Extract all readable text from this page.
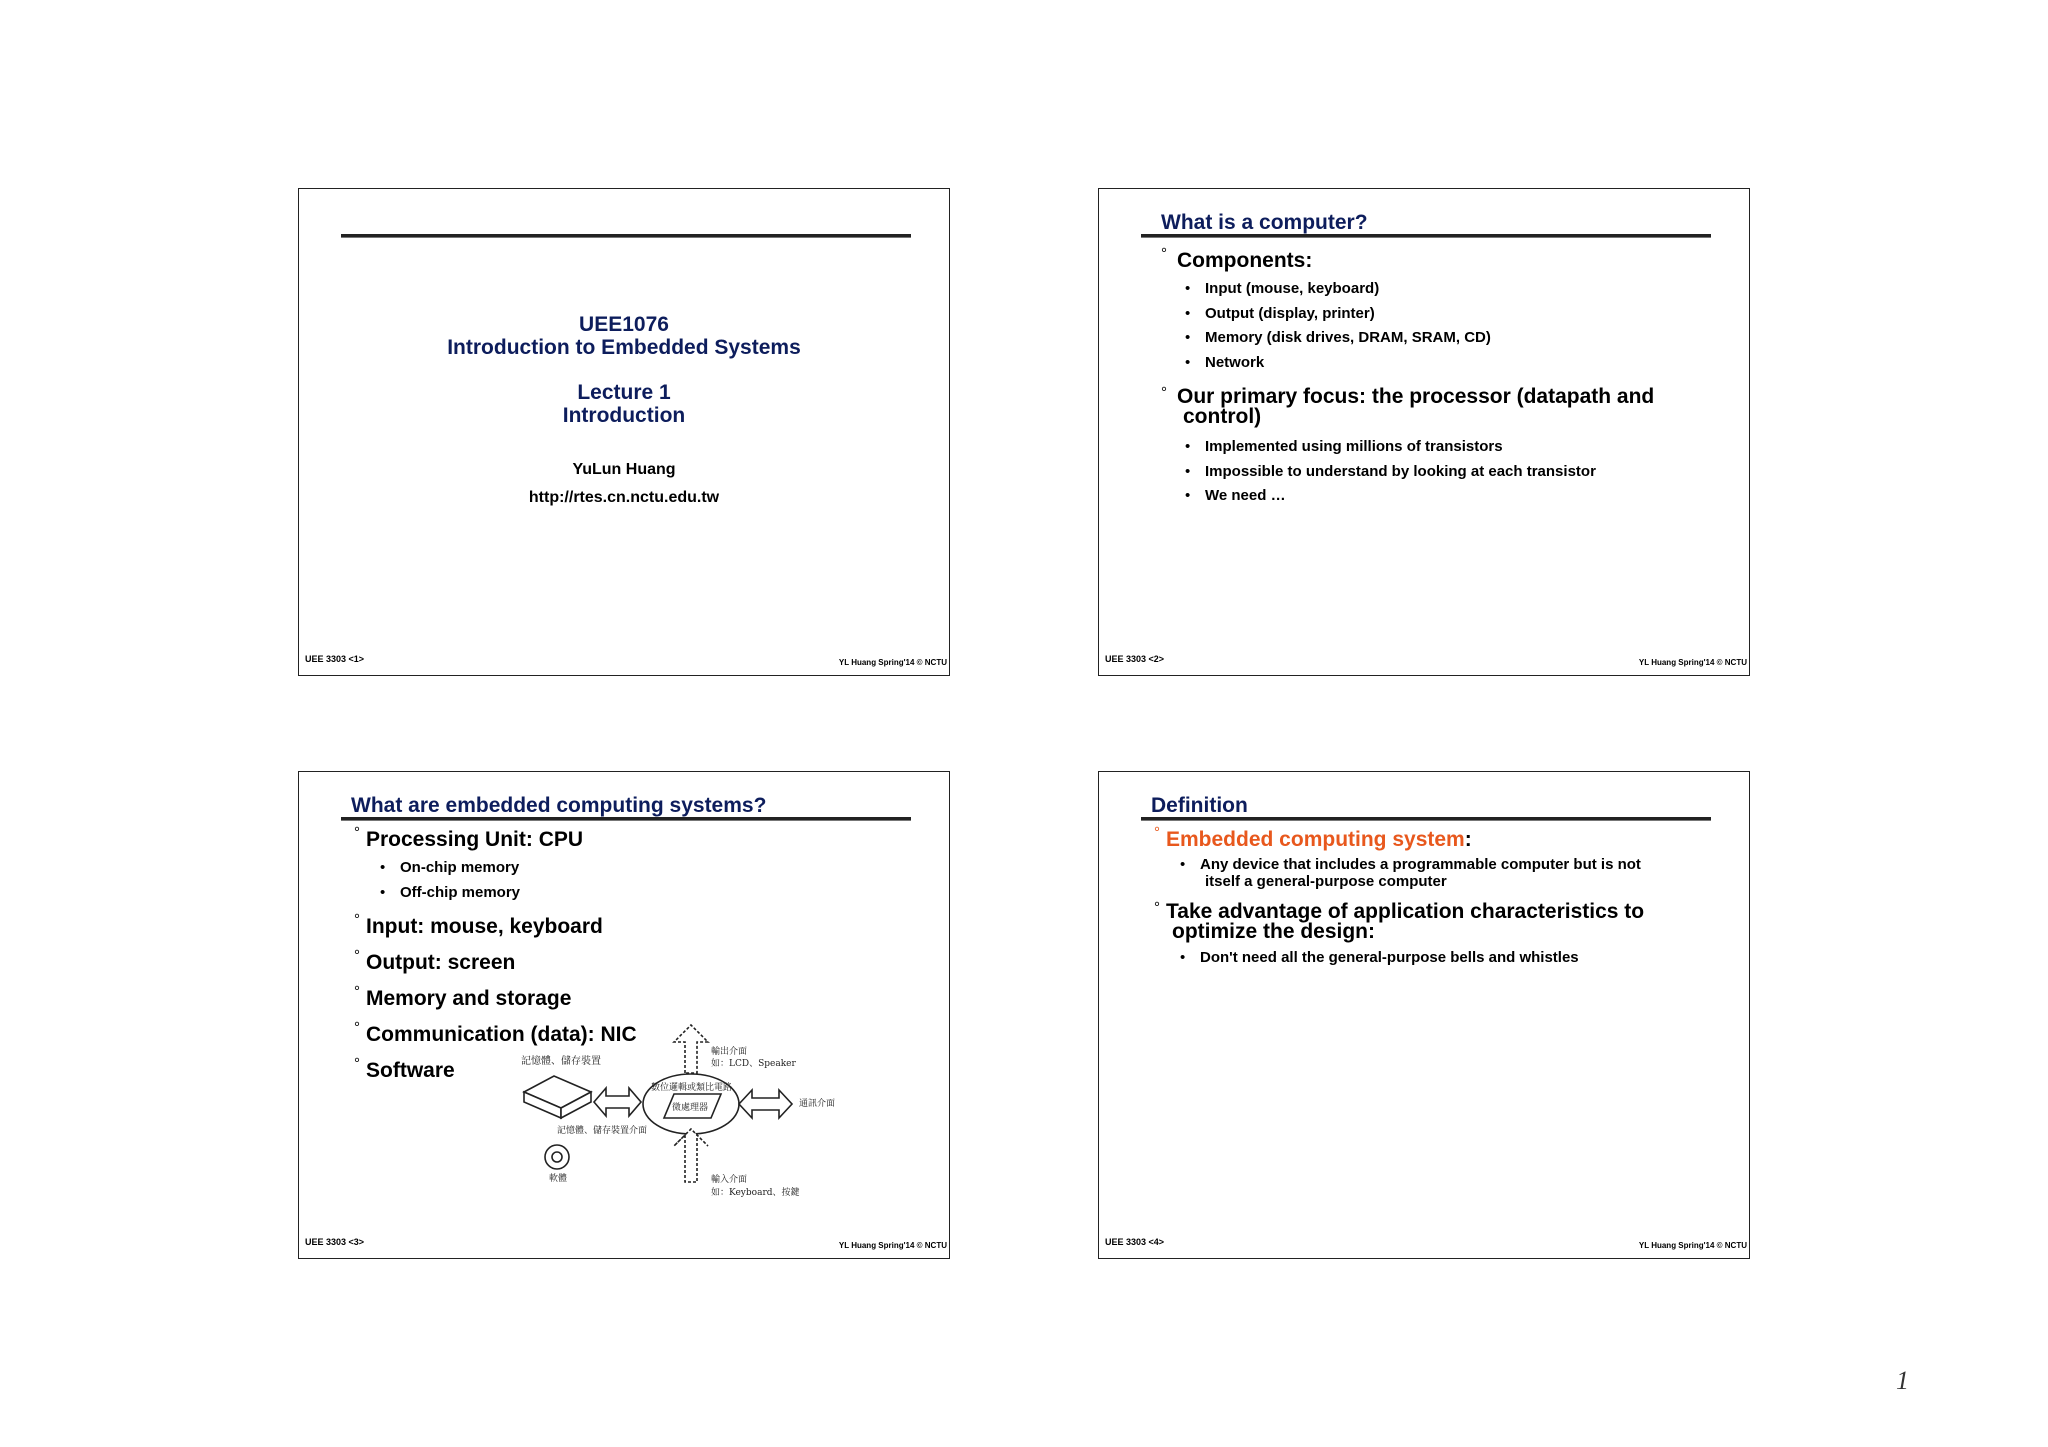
UEE1076
Introduction to Embedded Systems
Lecture 1
Introduction
YuLun Huang
http://rtes.cn.nctu.edu.tw
UEE 3303 <1>	YL Huang Spring'14 © NCTU
What is a computer?
° Components:
• Input (mouse, keyboard)
• Output (display, printer)
• Memory (disk drives, DRAM, SRAM, CD)
• Network
° Our primary focus: the processor (datapath and
control)
• Implemented using millions of transistors
• Impossible to understand by looking at each transistor
• We need …
UEE 3303 <2>	YL Huang Spring'14 © NCTU
What are embedded computing systems?
° Processing Unit: CPU
• On-chip memory
• Off-chip memory
° Input: mouse, keyboard
° Output: screen
° Memory and storage
° Communication (data): NIC
° Software	記憶體、儲存裝置
輸出介面
如：LCD、Speaker
數位邏輯或類比電路
微處理器	通訊介面
記憶體、儲存裝置介面
軟體	輸入介面
如：Keyboard、按鍵
UEE 3303 <3>	YL Huang Spring'14 © NCTU
Definition
° Embedded computing system:
• Any device that includes a programmable computer but is not
itself a general-purpose computer
° Take advantage of application characteristics to
optimize the design:
• Don't need all the general-purpose bells and whistles
UEE 3303 <4>	YL Huang Spring'14 © NCTU
1
